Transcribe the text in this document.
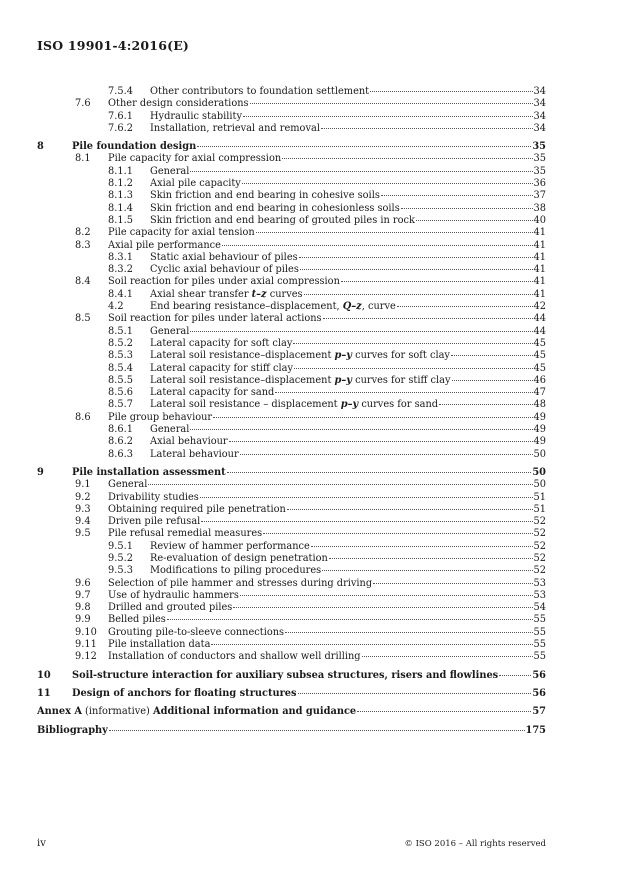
ISO 19901-4:2016(E)
7.5.4 Other contributors to foundation settlement	34
7.6 Other design considerations	34
7.6.1 Hydraulic stability	34
7.6.2 Installation, retrieval and removal	34
8	Pile foundation design	35
8.1 Pile capacity for axial compression	35
8.1.1 General	35
8.1.2 Axial pile capacity	36
8.1.3 Skin friction and end bearing in cohesive soils	37
8.1.4 Skin friction and end bearing in cohesionless soils	38
8.1.5 Skin friction and end bearing of grouted piles in rock	40
8.2 Pile capacity for axial tension	41
8.3 Axial pile performance	41
8.3.1 Static axial behaviour of piles	41
8.3.2 Cyclic axial behaviour of piles	41
8.4 Soil reaction for piles under axial compression	41
8.4.1 Axial shear transfer t–z curves	41
4.2	End bearing resistance–displacement, Q–z, curve	42
8.5 Soil reaction for piles under lateral actions	44
8.5.1 General	44
8.5.2 Lateral capacity for soft clay	45
8.5.3 Lateral soil resistance–displacement p–y curves for soft clay	45
8.5.4 Lateral capacity for stiff clay	45
8.5.5 Lateral soil resistance–displacement p–y curves for stiff clay	46
8.5.6 Lateral capacity for sand	47
8.5.7 Lateral soil resistance – displacement p–y curves for sand	48
8.6 Pile group behaviour	49
8.6.1 General	49
8.6.2 Axial behaviour	49
8.6.3 Lateral behaviour	50
9	Pile installation assessment	50
9.1 General	50
9.2 Drivability studies	51
9.3 Obtaining required pile penetration	51
9.4 Driven pile refusal	52
9.5 Pile refusal remedial measures	52
9.5.1 Review of hammer performance	52
9.5.2 Re-evaluation of design penetration	52
9.5.3 Modifications to piling procedures	52
9.6 Selection of pile hammer and stresses during driving	53
9.7 Use of hydraulic hammers	53
9.8 Drilled and grouted piles	54
9.9 Belled piles	55
9.10 Grouting pile-to-sleeve connections	55
9.11 Pile installation data	55
9.12 Installation of conductors and shallow well drilling	55
10 Soil-structure interaction for auxiliary subsea structures, risers and flowlines	56
11 Design of anchors for floating structures	56
Annex A (informative) Additional information and guidance	57
Bibliography	175
iv	© ISO 2016 – All rights reserved
